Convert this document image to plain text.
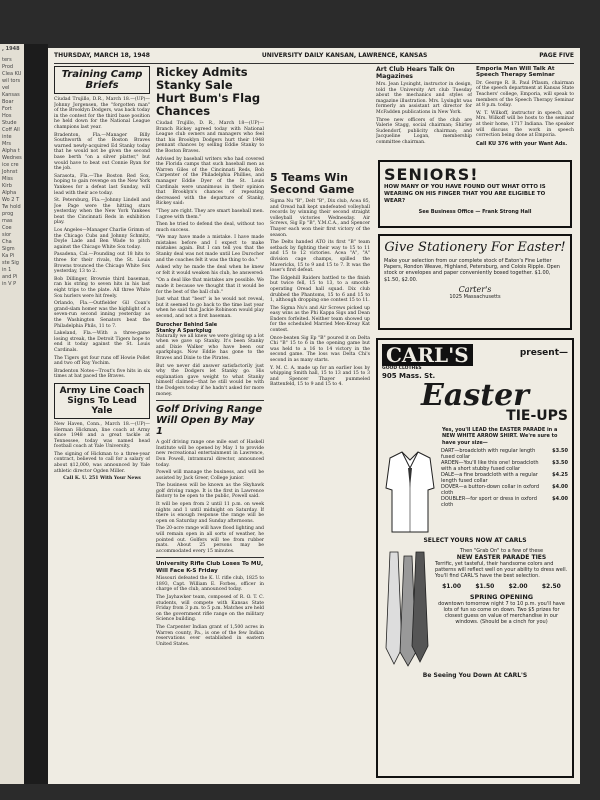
, 1948
ters Prod Clea KU wil tors vel Kansas Boar Fort Hos Stude Coff All inte Mrs Alpha t Wednes ice cre Johnst Miss Kirb Alpha Wo 2 T Tw hold prog mas Coe sior Cha Sigm Ka Pi ste Sig in 1 and Pi in V P
THURSDAY, MARCH 18, 1948	UNIVERSITY DAILY KANSAN, LAWRENCE, KANSAS	PAGE FIVE
Training Camp Briefs

Ciudad Trujillo, D.R., March 18.—(UP)—Johnny Jorgensen, the "forgotten man" of the Brooklyn Dodgers, was back today in the contest for the third base position he held down for the National League champions last year.

Bradenton, Fla.—Manager Billy Southworth of the Boston Braves warned newly-acquired Ed Stanky today that he would not be given the second base berth "on a silver platter," but would have to beat out Connie Ryan for the job.

Sarasota, Fla.—The Boston Red Sox, hoping to gain revenge on the New York Yankees for a defeat last Sunday, will lead with their ace today.

St. Petersburg, Fla.—Johnny Lindell and Joe Page were the hitting stars yesterday when the New York Yankees beat the Cincinnati Reds in exhibition play.

Los Angeles—Manager Charlie Grimm of the Chicago Cubs and Johnny Schmitz, Doyle Lade and Ben Wade to pitch against the Chicago White Sox today.

Pasadena, Cal.—Pounding out 18 hits to three for their rivals, the St. Louis Browns trounced the Chicago White Sox yesterday, 13 to 2.

Bob Dillinger, Brownie third baseman, ran his string to seven hits in his last eight trips to the plate. All three White Sox hurlers were hit freely.

Orlando, Fla.—Outfielder Gil Coan's grand-slam homer was the highlight of a seven-run second inning yesterday as the Washington Senators beat the Philadelphia Phils, 11 to 7.

Lakeland, Fla.—With a three-game losing streak, the Detroit Tigers hope to end it today against the St. Louis Cardinals.

The Tigers got four runs off Howie Pollet and two off Ray Yochim.

Bradenton Notes—Trout's five hits in six times at bat paced the Braves.

Army Line Coach Signs To Lead Yale

New Haven, Conn., March 18.—(UP)—Herman Hickman, line coach at Army since 1948 and a great tackle at Tennessee, today was named head football coach at Yale University.

The signing of Hickman to a three-year contract, believed to call for a salary of about $12,000, was announced by Yale athletic director Ogden Miller.

Call K. U. 251 With Your News
Rickey Admits Stanky Sale Hurt Bum's Flag Chances

Ciudad Trujillo, D. R., March 18—(UP)—Branch Rickey agreed today with National League club owners and managers who feel that his Brooklyn Dodgers hurt their 1948 pennant chances by selling Eddie Stanky to the Boston Braves.

Advised by baseball writers who had covered the Florida camps that such baseball men as Warren Giles of the Cincinnati Reds, Bob Carpenter of the Philadelphia Phillies, and manager Eddie Dyer of the St. Louis Cardinals were unanimous in their opinion that Brooklyn's chances of repeating decreased with the departure of Stanky, Rickey said:

"They are right. They are smart baseball men. I agree with them."

Then he tried to defend the deal, without too much success.

"We may have made a mistake. I have made mistakes before and I expect to make mistakes again. But I can tell you that the Stanky deal was not made until Leo Durocher and the coaches felt it was the thing to do."

Asked why he made the deal when he knew or felt it would weaken his club, he answered:

"On a deal like that mistakes are possible. We made it because we thought that it would be for the best of the ball club."

Just what that "best" is he would not reveal, but it seemed to go back to the time last year when he said that Jackie Robinson would play second, and not a first baseman.

Durocher Behind Sale
Stanky A Sparkplug

Naturally we all knew we were giving up a lot when we gave up Stanky. It's been Stanky and Dixie Walker who have been our sparkplugs. Now Eddie has gone to the Braves and Dixie to the Pirates.

But we never did answer satisfactorily just why the Dodgers let Stanky go. His explanation gave weight to what Stanky himself claimed—that he still would be with the Dodgers today if he hadn't asked for more money.

Golf Driving Range Will Open By May 1

A golf driving range one mile east of Haskell Institute will be opened by May 1 to provide new recreational entertainment in Lawrence, Don Powell, intramural director, announced today.

Powell will manage the business, and will be assisted by Jack Greer, College junior.

The business will be known as the Skyhawk golf driving range. It is the first in Lawrence history to be open to the public, Powell said.

It will be open from 2 until 11 p.m. on week nights and 1 until midnight on Saturday. If there is enough response the range will be open on Saturday and Sunday afternoons.

The 20-acre range will have flood lighting and will remain open in all sorts of weather, he pointed out. Golfers will tee from rubber mats. About 25 persons may be accommodated every 15 minutes.

University Rifle Club Loses To MU, Will Face K-S Friday

Missouri defeated the K. U. rifle club, 1825 to 1893, Capt. William E. Forbes, officer in charge of the club, announced today.

The Jayhawker team, composed of R. O. T. C. students, will compete with Kansas State Friday from 3 p.m. to 5 p.m. Matches are held on the government rifle range on the military Science building.

The Carpenter Indian grant of 1,500 acres in Warren county, Pa., is one of the few Indian reservations ever established in eastern United States.

5 Teams Win Second Game

Sigma Nu "B", Delt "B", Dix club, Acea 85, and Oread hall kept undefeated volleyball records by winning their second straight volleyball victories Wednesday. Air Screws, Sig Ep "B", Y.M.C.A., and Spencer Thayer each won their first victory of the season.

The Delts handed ATO its first "B" team setback by fighting their way to 15 to 11 and 15 to 12 victories. Acea "A", "A" division cage champs, spilled the Mavericks, 15 to 9 and 15 to 7. It was the loser's first defeat.

The Edgehill Raiders battled to the finish but twice fell, 15 to 13, to a smooth-operating Oread hall squad. Dix club drubbed the Phantoms, 15 to 6 and 15 to 1, although dropping one contest 15 to 11.

The Sigma Nu's and Air Screws picked up easy wins as the Phi Kappa Sigs and Dean Enders forfeited. Neither team showed up for the scheduled Married Men-Kreay Kat contest.

Once-beaten Sig Ep "B" poured it on Delta Chi "B" 15 to 6 in the opening game but was held to a 16 to 14 victory in the second game. The loss was Delta Chi's second in as many starts.

Y. M. C. A. made up for an earlier loss by whipping Smith hall, 15 to 13 and 15 to 3 and Spencer Thayer pummeled Battenfeld, 15 to 9 and 15 to 4.

Art Club Hears Talk On Magazines

Mrs. Jean Lysinght, instructor in design, told the University Art club Tuesday about the mechanics and styles of magazine illustration. Mrs. Lysinght was formerly an assistant art director for McFadden publications in New York.

Three new officers of the club are Valerie Stagg, social chairman; Shirley Sudendorf, publicity chairman; and Jacqueline Logan, membership committee chairman.

Emporia Man Will Talk At Speech Therapy Seminar

Dr. George R. R. Paul Pflaum, chairman of the speech department at Kansas State Teachers' college, Emporia, will speak to members of the Speech Therapy Seminar at 8 p.m. today.

W. T. Wilkoff, instructor in speech, and Mrs. Wilkoff will be hosts to the seminar at their home, 1717 Indiana. The speaker will discuss the work in speech correction being done at Emporia.

Call KU 376 with your Want Ads.
SENIORS!
HOW MANY OF YOU HAVE FOUND OUT WHAT OTTO IS WEARING ON HIS FINGER THAT YOU ARE ELIGIBLE TO WEAR?
See Business Office — Frank Strong Hall
Give Stationery For Easter!
Make your selection from our complete stock of Eaton's Fine Letter Papers, Rondon Weave, Highland, Petersburg, and Colois Ripple. Open stock or envelopes and paper conveniently boxed together. $1.00, $1.50, $2.00.
Carter's
1025 Massachusetts
CARL'S
GOOD CLOTHES
905 Mass. St.
present—
Easter
TIE-UPS
Yes, you'll LEAD the EASTER PARADE in a NEW WHITE ARROW SHIRT. We're sure to have your size—
DART—broadcloth with regular length fused collar
$3.50
ARDEN—You'll like this one! broadcloth with a short stubby fused collar
$3.50
DALE—a fine broadcloth with a regular length fused collar
$4.25
DOVER—a button-down collar in oxford cloth
$4.00
DOUBLER—for sport or dress in oxford cloth
$4.00
SELECT YOURS NOW AT CARLS
Then "Grab On" to a few of these
NEW EASTER PARADE TIES
Terrific, yet tasteful, their handsome colors and patterns will reflect well on your ability to dress well. You'll find CARL'S have the best selection.
$1.00 $1.50 $2.00 $2.50
SPRING OPENING
downtown tomorrow night 7 to 10 p.m. you'll have lots of fun so come on down. Two $5 prizes for closest guess on value of merchandise in our windows. (Should be a cinch for you)
Be Seeing You Down At CARL'S
